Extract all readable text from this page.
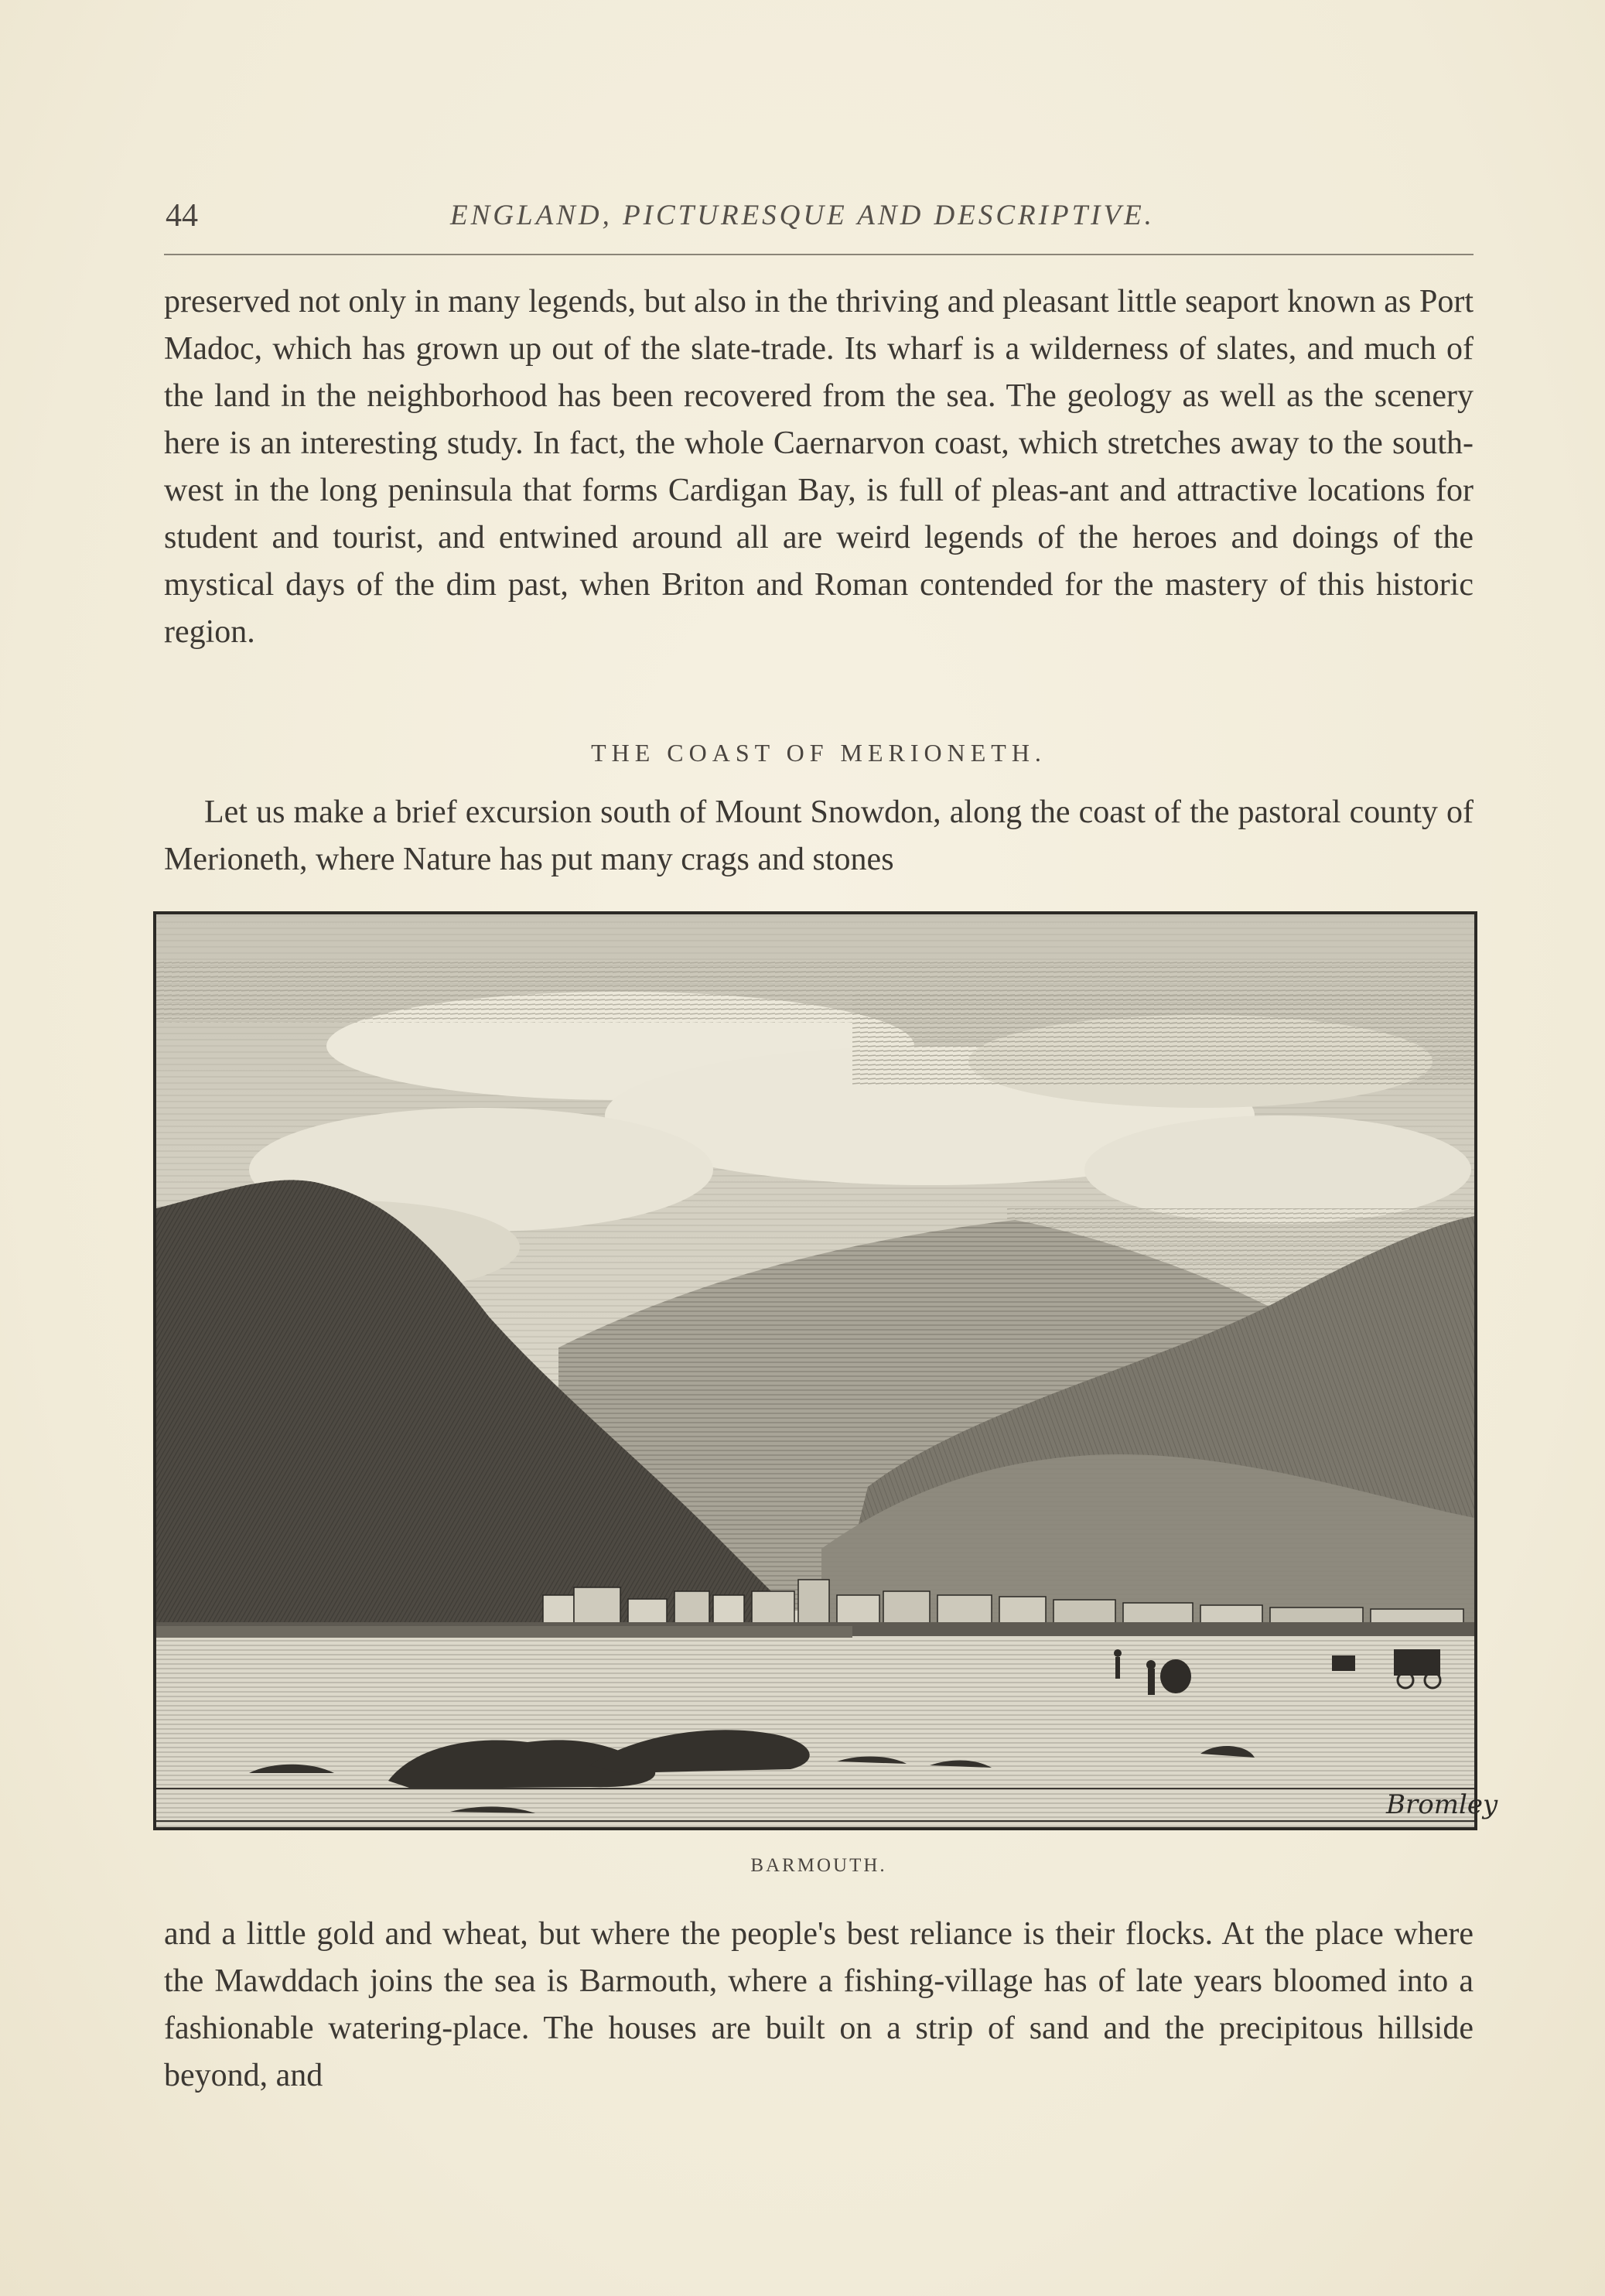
44	ENGLAND, PICTURESQUE AND DESCRIPTIVE.
preserved not only in many legends, but also in the thriving and pleasant little seaport known as Port Madoc, which has grown up out of the slate-trade. Its wharf is a wilderness of slates, and much of the land in the neighborhood has been recovered from the sea. The geology as well as the scenery here is an interesting study. In fact, the whole Caernarvon coast, which stretches away to the south-west in the long peninsula that forms Cardigan Bay, is full of pleas-ant and attractive locations for student and tourist, and entwined around all are weird legends of the heroes and doings of the mystical days of the dim past, when Briton and Roman contended for the mastery of this historic region.
THE COAST OF MERIONETH.
Let us make a brief excursion south of Mount Snowdon, along the coast of the pastoral county of Merioneth, where Nature has put many crags and stones
Bromley
BARMOUTH.
and a little gold and wheat, but where the people's best reliance is their flocks. At the place where the Mawddach joins the sea is Barmouth, where a fishing-village has of late years bloomed into a fashionable watering-place. The houses are built on a strip of sand and the precipitous hillside beyond, and
